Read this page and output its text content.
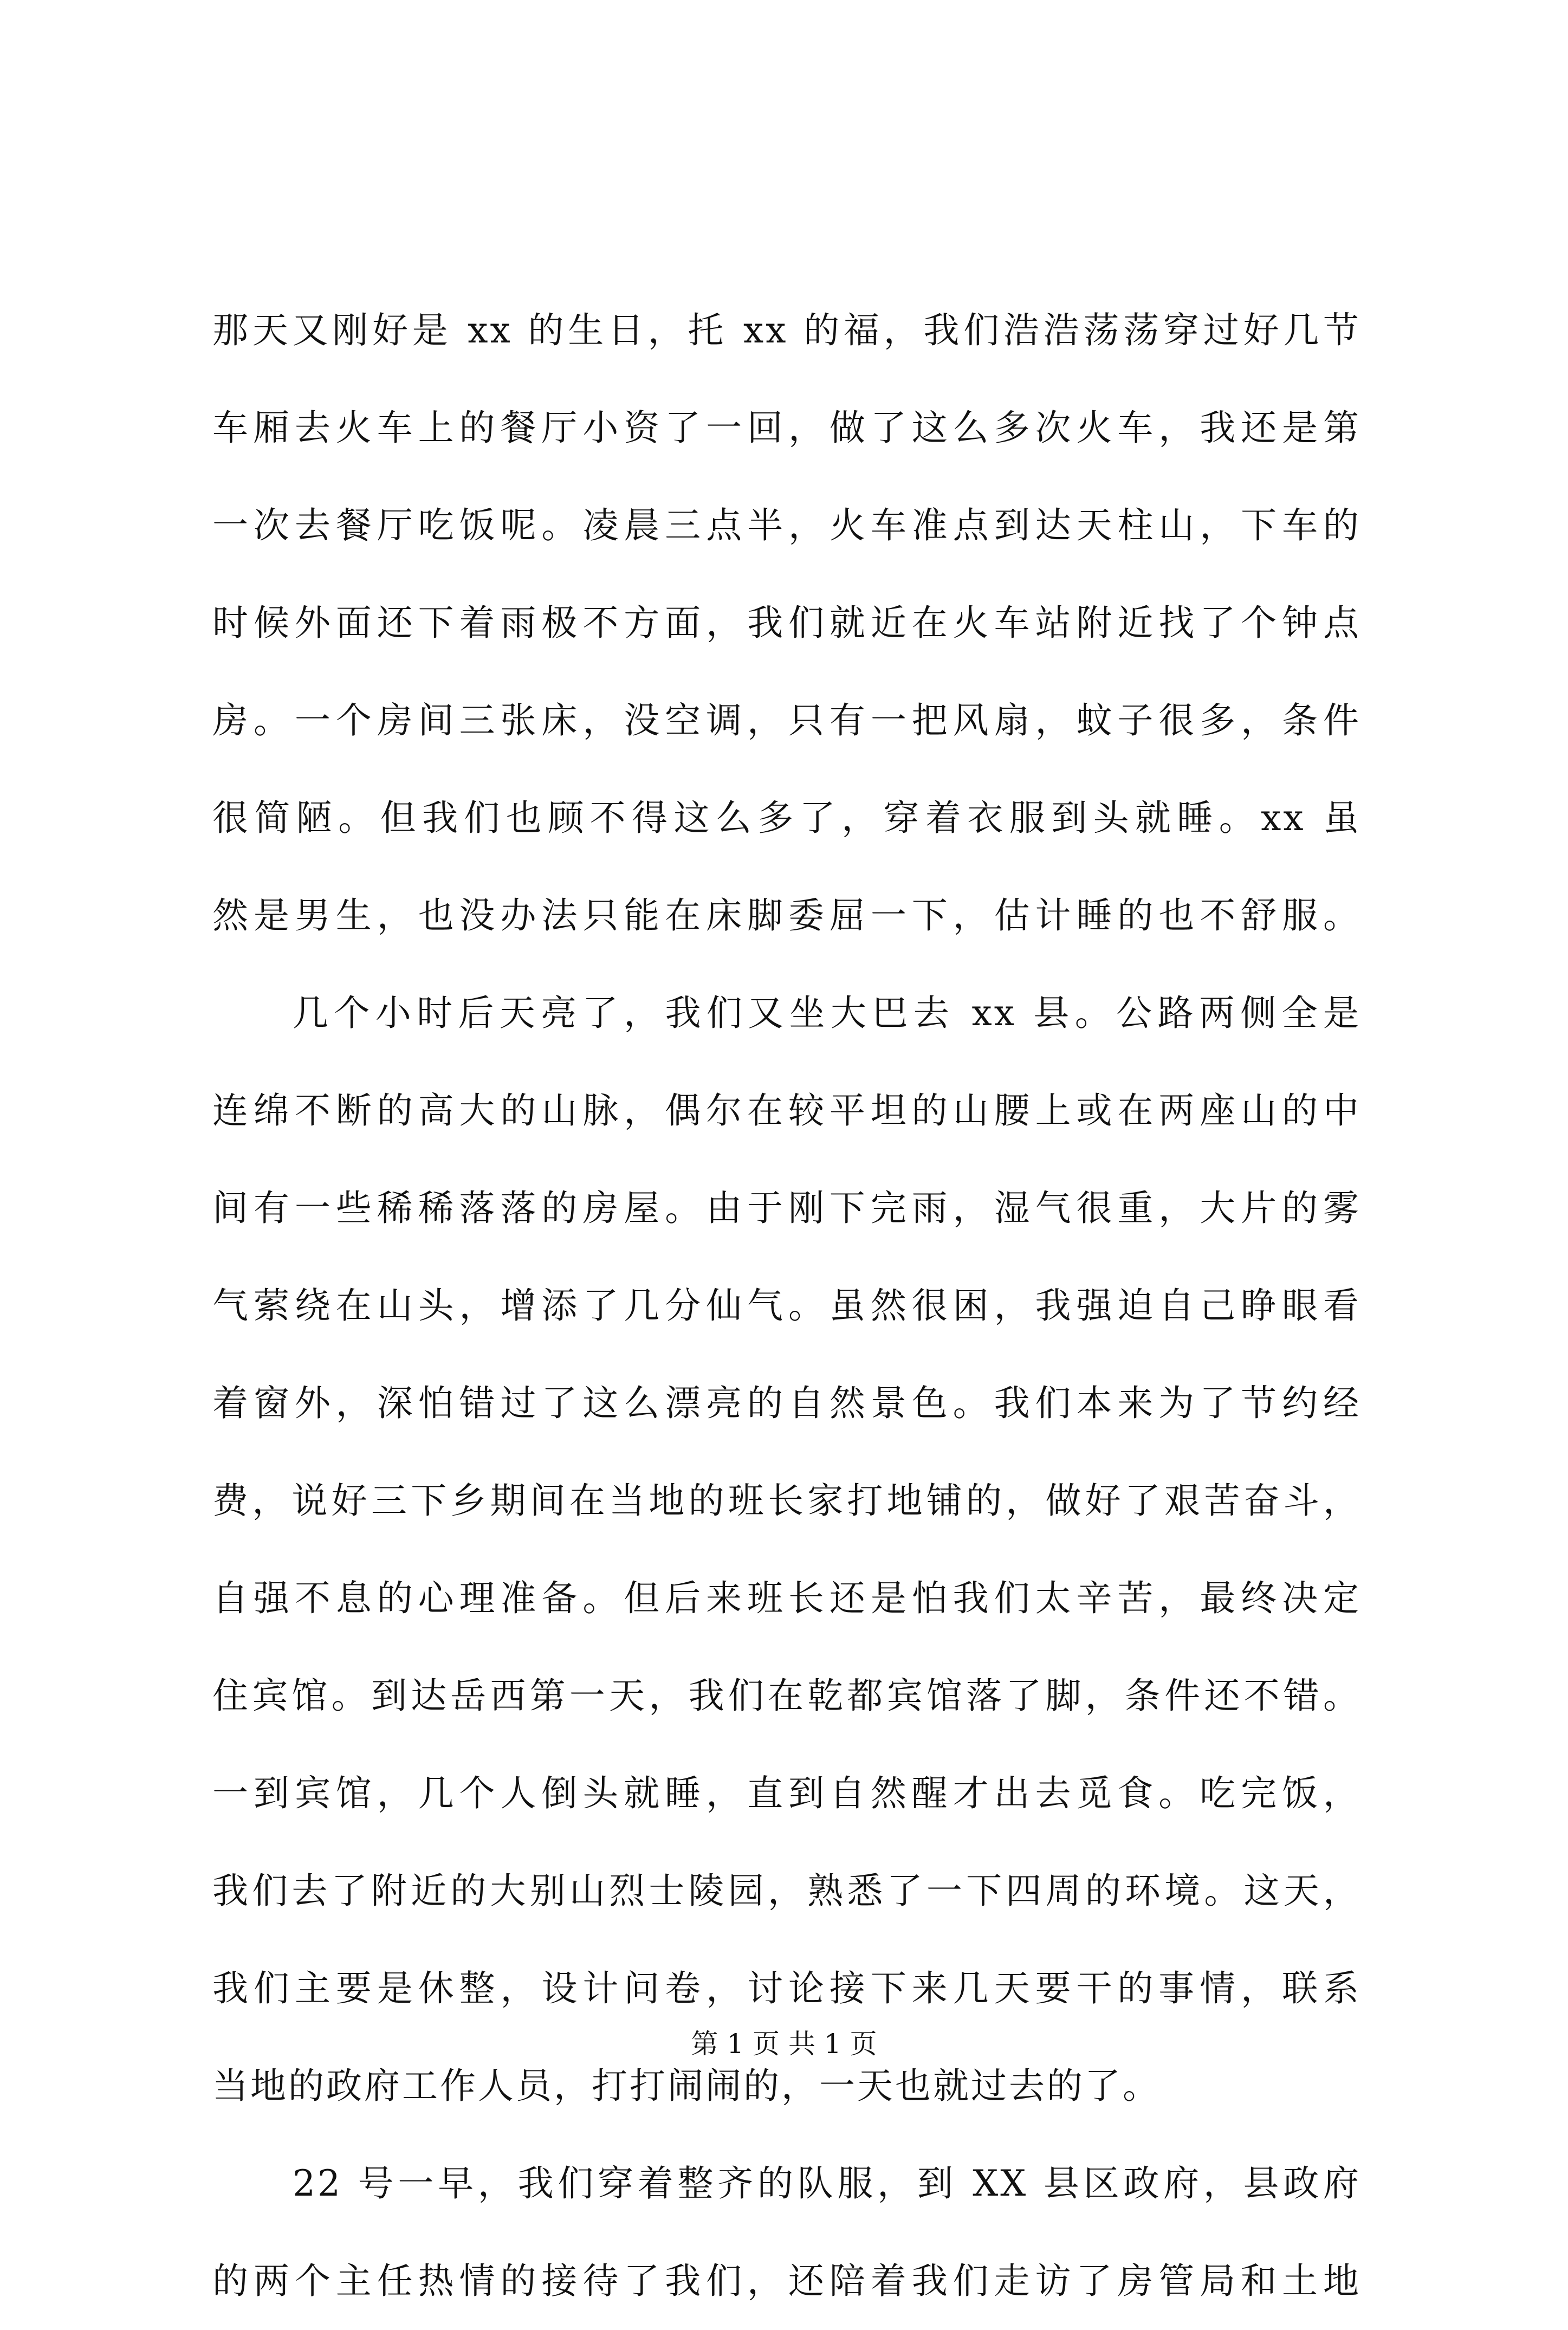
那天又刚好是 xx 的生日，托 xx 的福，我们浩浩荡荡穿过好几节
车厢去火车上的餐厅小资了一回，做了这么多次火车，我还是第
一次去餐厅吃饭呢。凌晨三点半，火车准点到达天柱山，下车的
时候外面还下着雨极不方面，我们就近在火车站附近找了个钟点
房。一个房间三张床，没空调，只有一把风扇，蚊子很多，条件
很简陋。但我们也顾不得这么多了，穿着衣服到头就睡。xx 虽
然是男生，也没办法只能在床脚委屈一下，估计睡的也不舒服。
几个小时后天亮了，我们又坐大巴去 xx 县。公路两侧全是
连绵不断的高大的山脉，偶尔在较平坦的山腰上或在两座山的中
间有一些稀稀落落的房屋。由于刚下完雨，湿气很重，大片的雾
气萦绕在山头，增添了几分仙气。虽然很困，我强迫自己睁眼看
着窗外，深怕错过了这么漂亮的自然景色。我们本来为了节约经
费，说好三下乡期间在当地的班长家打地铺的，做好了艰苦奋斗，
自强不息的心理准备。但后来班长还是怕我们太辛苦，最终决定
住宾馆。到达岳西第一天，我们在乾都宾馆落了脚，条件还不错。
一到宾馆，几个人倒头就睡，直到自然醒才出去觅食。吃完饭，
我们去了附近的大别山烈士陵园，熟悉了一下四周的环境。这天，
我们主要是休整，设计问卷，讨论接下来几天要干的事情，联系
当地的政府工作人员，打打闹闹的，一天也就过去的了。
22 号一早，我们穿着整齐的队服，到 XX 县区政府，县政府
的两个主任热情的接待了我们，还陪着我们走访了房管局和土地
第 1 页 共 1 页
